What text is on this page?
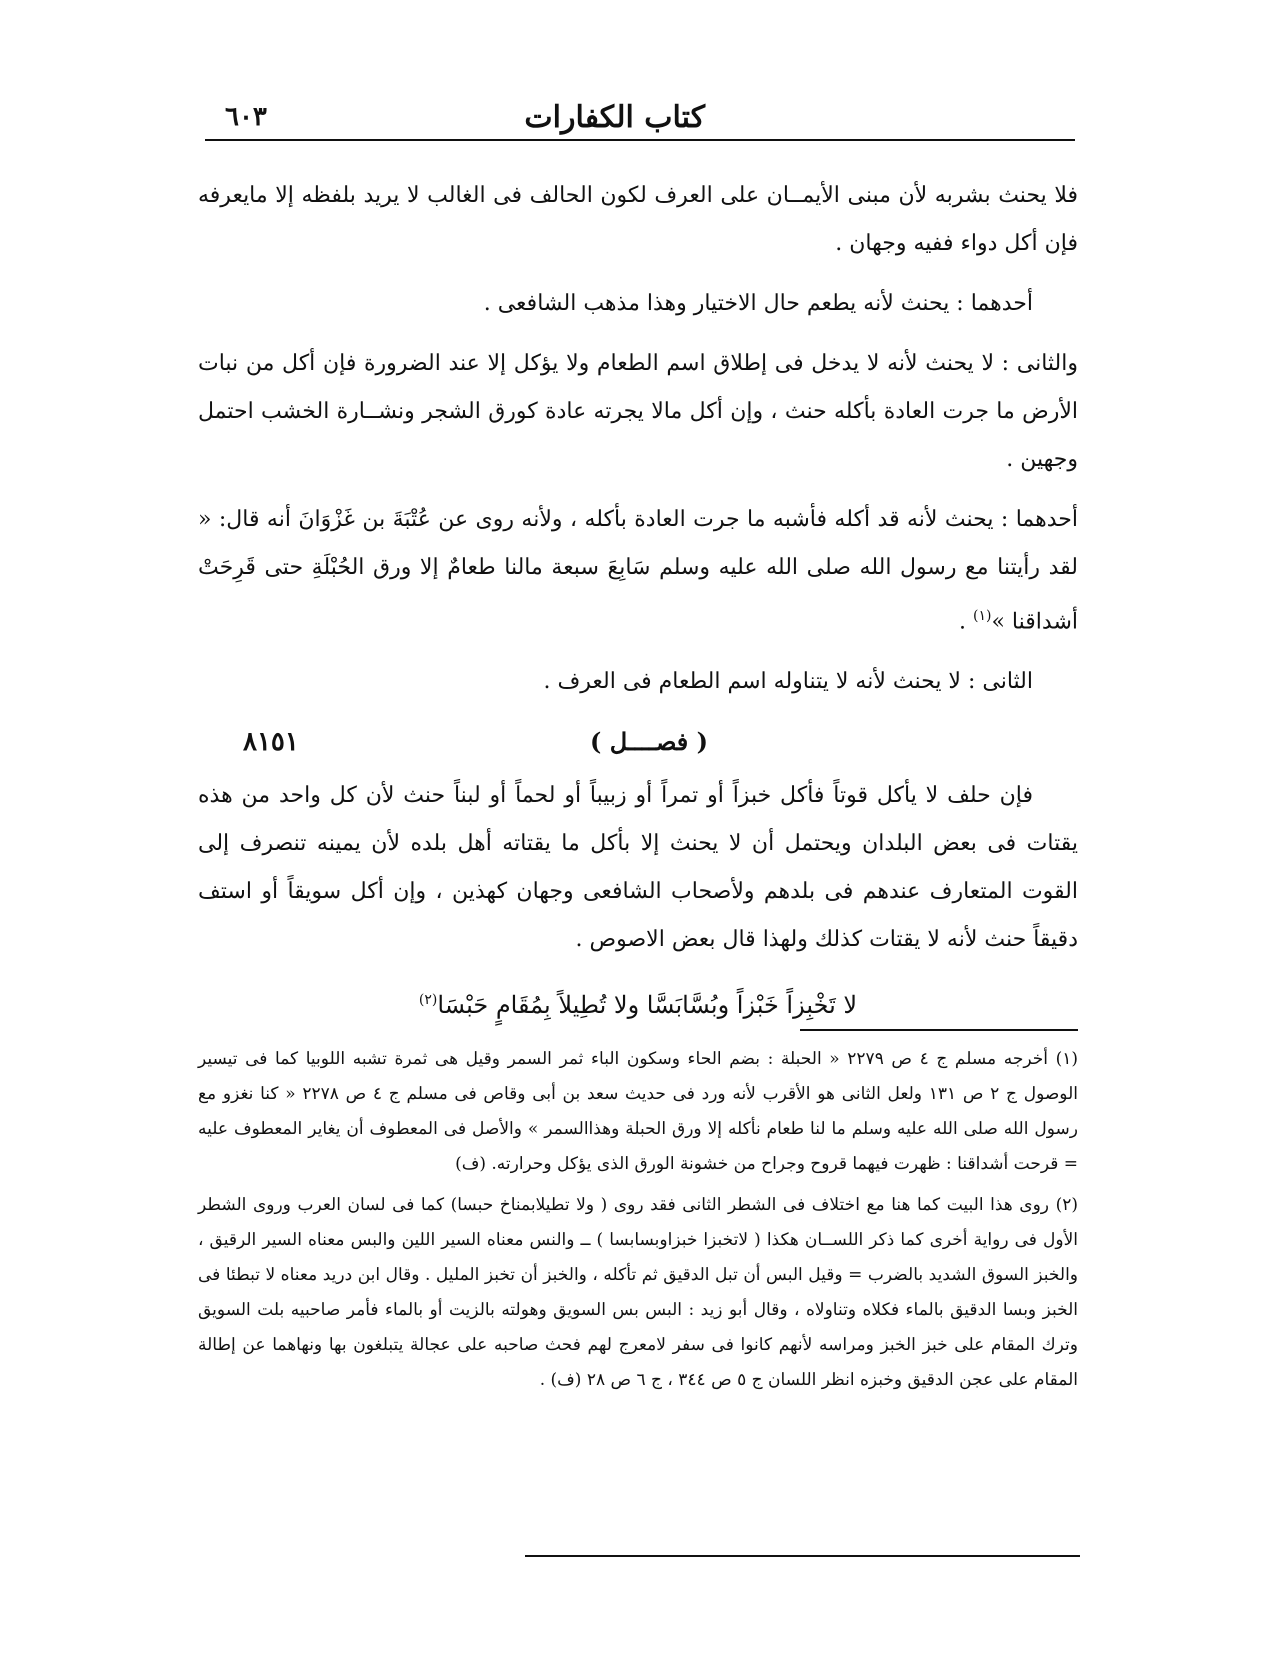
كتاب الكفارات
٦٠٣

فلا يحنث بشربه لأن مبنى الأيمــان على العرف لكون الحالف فى الغالب لا يريد بلفظه إلا مايعرفه فإن أكل دواء ففيه وجهان .

أحدهما : يحنث لأنه يطعم حال الاختيار وهذا مذهب الشافعى .

والثانى : لا يحنث لأنه لا يدخل فى إطلاق اسم الطعام ولا يؤكل إلا عند الضرورة فإن أكل من نبات الأرض ما جرت العادة بأكله حنث ، وإن أكل مالا يجرته عادة كورق الشجر ونشــارة الخشب احتمل وجهين .

أحدهما : يحنث لأنه قد أكله فأشبه ما جرت العادة بأكله ، ولأنه روى عن عُتْبَةَ بن غَزْوَانَ أنه قال: « لقد رأيتنا مع رسول الله صلى الله عليه وسلم سَابِعَ سبعة مالنا طعامٌ إلا ورق الحُبْلَةِ حتى قَرِحَتْ أشداقنا »$^{(١)}$ .

الثانى : لا يحنث لأنه لا يتناوله اسم الطعام فى العرف .

( فصــــل )
٨١٥١

فإن حلف لا يأكل قوتاً فأكل خبزاً أو تمراً أو زبيباً أو لحماً أو لبناً حنث لأن كل واحد من هذه يقتات فى بعض البلدان ويحتمل أن لا يحنث إلا بأكل ما يقتاته أهل بلده لأن يمينه تنصرف إلى القوت المتعارف عندهم فى بلدهم ولأصحاب الشافعى وجهان كهذين ، وإن أكل سويقاً أو استف دقيقاً حنث لأنه لا يقتات كذلك ولهذا قال بعض الاصوص .

لا تَخْبِزاً خَبْزاً وبُسَّابَسَّا ولا تُطِيلاً بِمُقَامٍ حَبْسَا$^{(٢)}$

(١) أخرجه مسلم ج ٤ ص ٢٢٧٩ « الحبلة : بضم الحاء وسكون الباء ثمر السمر وقيل هى ثمرة تشبه اللوبيا كما فى تيسير الوصول ج ٢ ص ١٣١ ولعل الثانى هو الأقرب لأنه ورد فى حديث سعد بن أبى وقاص فى مسلم ج ٤ ص ٢٢٧٨ « كنا نغزو مع رسول الله صلى الله عليه وسلم ما لنا طعام نأكله إلا ورق الحبلة وهذاالسمر » والأصل فى المعطوف أن يغاير المعطوف عليه = قرحت أشداقنا : ظهرت فيهما قروح وجراح من خشونة الورق الذى يؤكل وحرارته. (ف)

(٢) روى هذا البيت كما هنا مع اختلاف فى الشطر الثانى فقد روى ( ولا تطيلابمناخ حبسا) كما فى لسان العرب وروى الشطر الأول فى رواية أخرى كما ذكر اللســان هكذا ( لاتخبزا خبزاوبسابسا ) ــ والنس معناه السير اللين والبس معناه السير الرقيق ، والخبز السوق الشديد بالضرب = وقيل البس أن تبل الدقيق ثم تأكله ، والخبز أن تخبز المليل . وقال ابن دريد معناه لا تبطئا فى الخبز وبسا الدقيق بالماء فكلاه وتناولاه ، وقال أبو زيد : البس بس السويق وهولته بالزيت أو بالماء فأمر صاحبيه بلت السويق وترك المقام على خبز الخبز ومراسه لأنهم كانوا فى سفر لامعرج لهم فحث صاحبه على عجالة يتبلغون بها ونهاهما عن إطالة المقام على عجن الدقيق وخبزه انظر اللسان ج ٥ ص ٣٤٤ ، ج ٦ ص ٢٨ (ف) .
